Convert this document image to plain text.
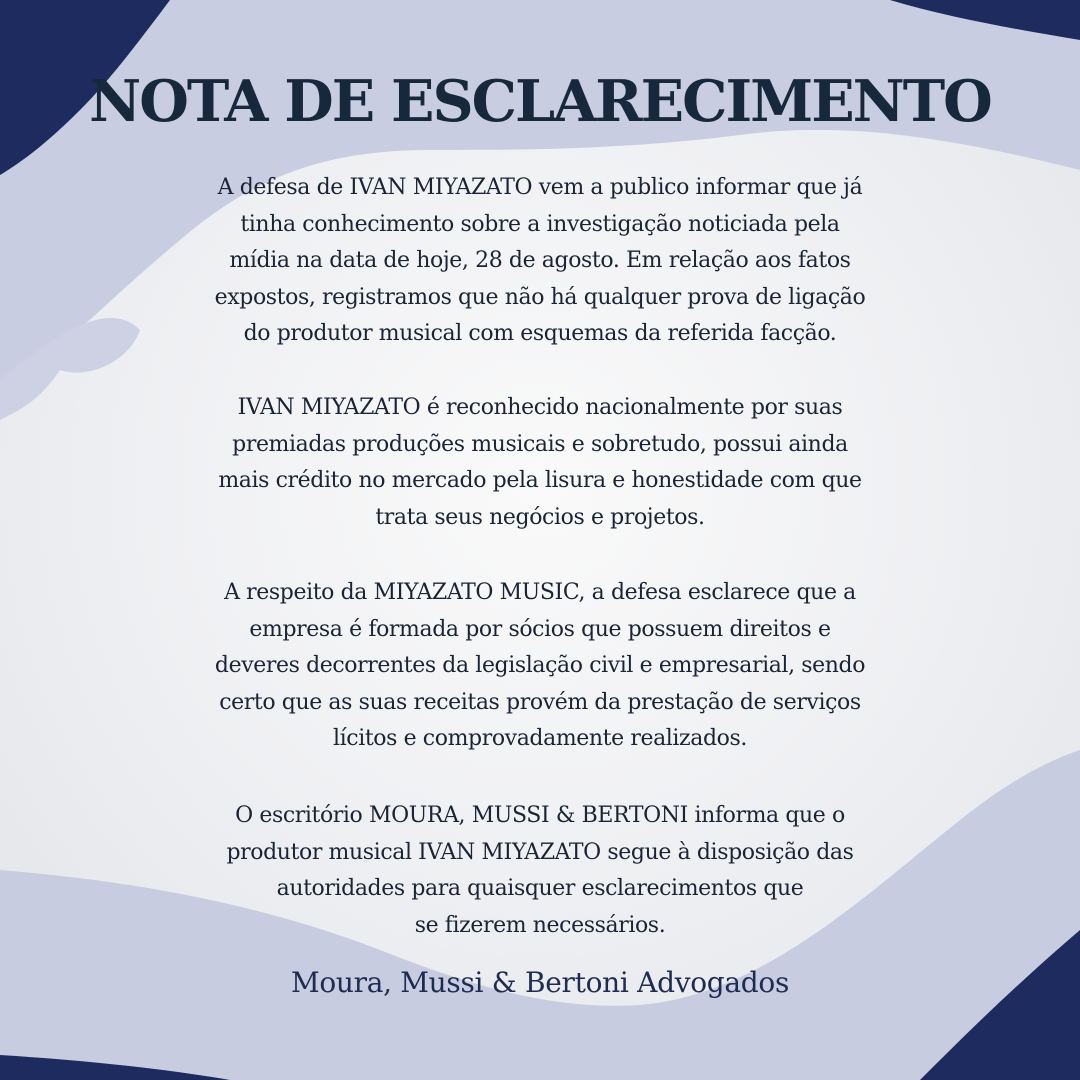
NOTA DE ESCLARECIMENTO
A defesa de IVAN MIYAZATO vem a publico informar que já
tinha conhecimento sobre a investigação noticiada pela
mídia na data de hoje, 28 de agosto. Em relação aos fatos
expostos, registramos que não há qualquer prova de ligação
do produtor musical com esquemas da referida facção.
IVAN MIYAZATO é reconhecido nacionalmente por suas
premiadas produções musicais e sobretudo, possui ainda
mais crédito no mercado pela lisura e honestidade com que
trata seus negócios e projetos.
A respeito da MIYAZATO MUSIC, a defesa esclarece que a
empresa é formada por sócios que possuem direitos e
deveres decorrentes da legislação civil e empresarial, sendo
certo que as suas receitas provém da prestação de serviços
lícitos e comprovadamente realizados.
O escritório MOURA, MUSSI & BERTONI informa que o
produtor musical IVAN MIYAZATO segue à disposição das
autoridades para quaisquer esclarecimentos que
se fizerem necessários.
Moura, Mussi & Bertoni Advogados
